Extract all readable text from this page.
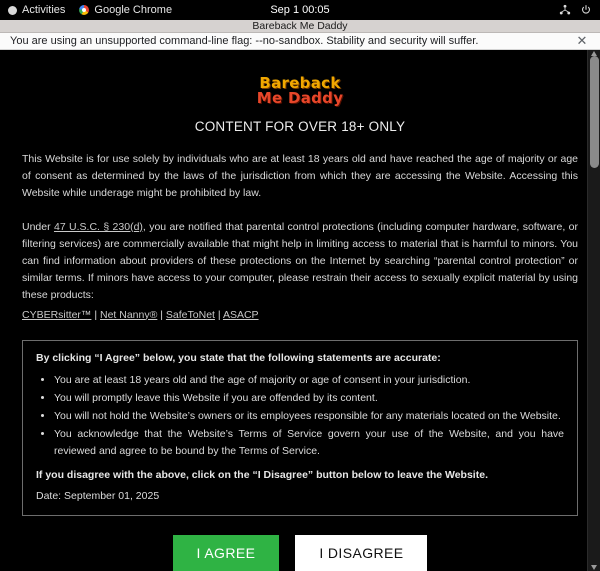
Activities	Google Chrome	Sep 1 00:05
Bareback Me Daddy
You are using an unsupported command-line flag: --no-sandbox. Stability and security will suffer.	✕
Bareback
Me Daddy
CONTENT FOR OVER 18+ ONLY

This Website is for use solely by individuals who are at least 18 years old and have reached the age of majority or age of consent as determined by the laws of the jurisdiction from which they are accessing the Website. Accessing this Website while underage might be prohibited by law.

Under 47 U.S.C. § 230(d), you are notified that parental control protections (including computer hardware, software, or filtering services) are commercially available that might help in limiting access to material that is harmful to minors. You can find information about providers of these protections on the Internet by searching “parental control protection” or similar terms. If minors have access to your computer, please restrain their access to sexually explicit material by using these products:

CYBERsitter™ | Net Nanny® | SafeToNet | ASACP

By clicking “I Agree” below, you state that the following statements are accurate:
• You are at least 18 years old and the age of majority or age of consent in your jurisdiction.
• You will promptly leave this Website if you are offended by its content.
• You will not hold the Website’s owners or its employees responsible for any materials located on the Website.
• You acknowledge that the Website’s Terms of Service govern your use of the Website, and you have reviewed and agree to be bound by the Terms of Service.
If you disagree with the above, click on the “I Disagree” button below to leave the Website.
Date: September 01, 2025
I AGREE	I DISAGREE
